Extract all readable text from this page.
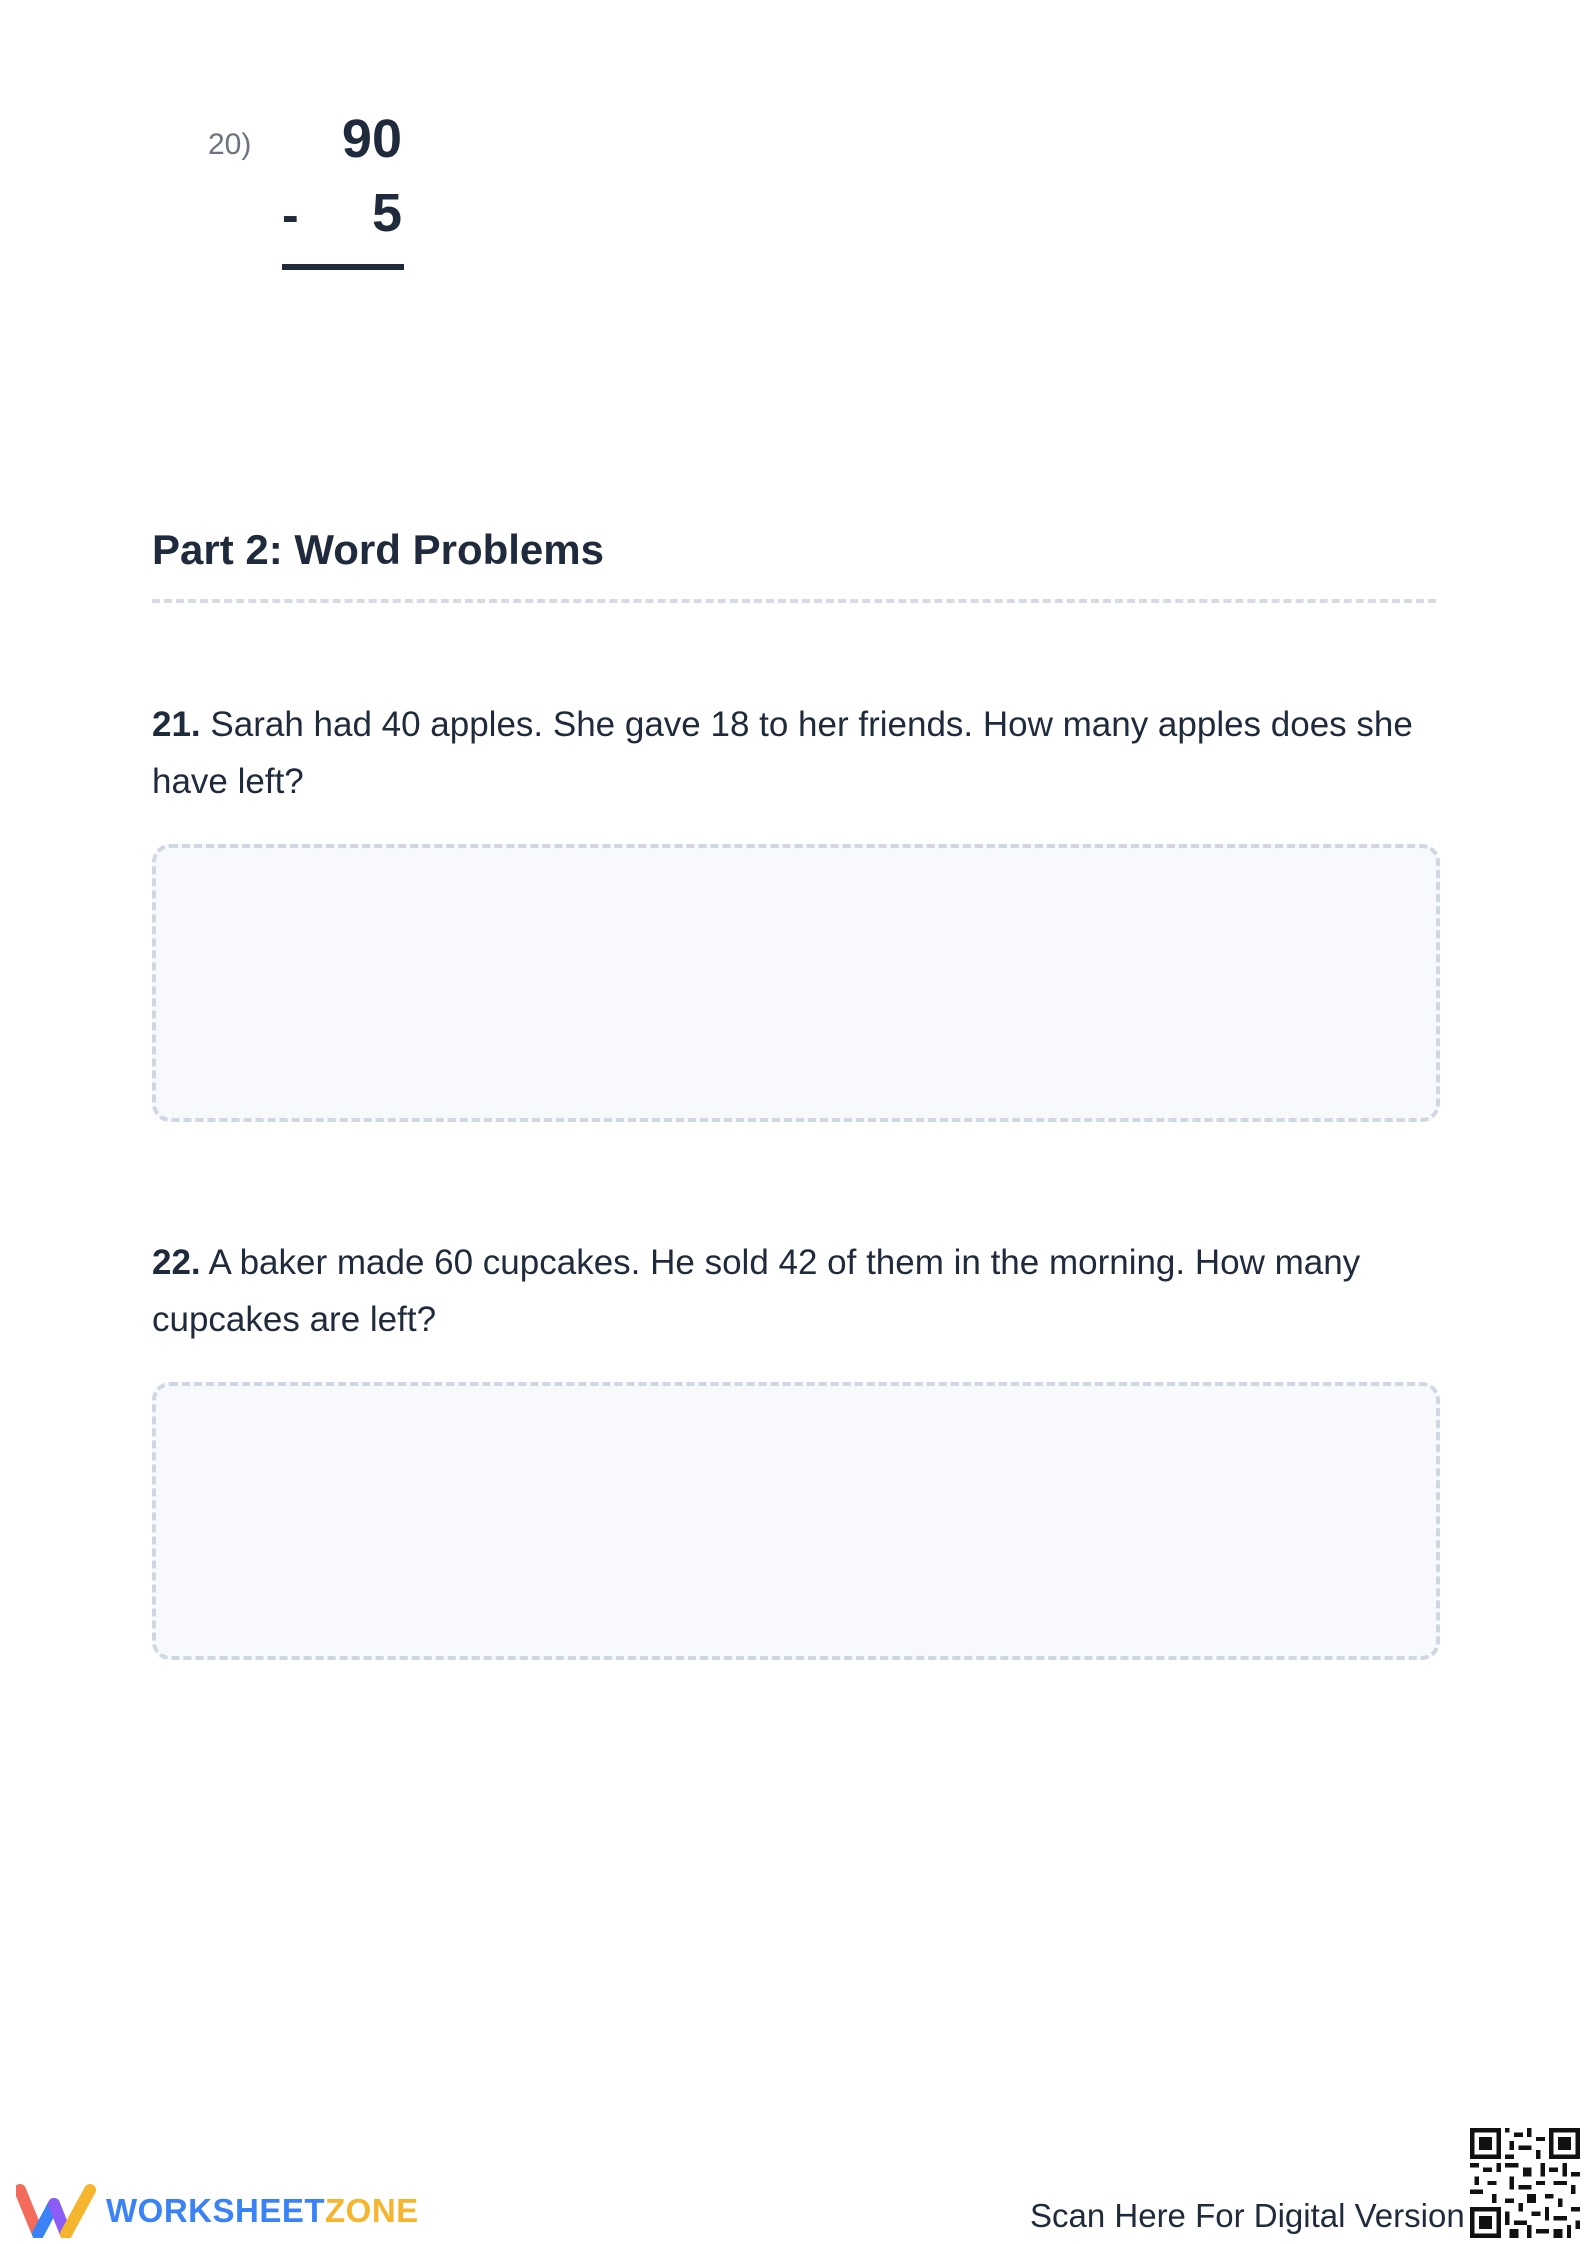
20)	90
-	5
Part 2: Word Problems
21. Sarah had 40 apples. She gave 18 to her friends. How many apples does she have left?
22. A baker made 60 cupcakes. He sold 42 of them in the morning. How many cupcakes are left?
WORKSHEETZONE	Scan Here For Digital Version
